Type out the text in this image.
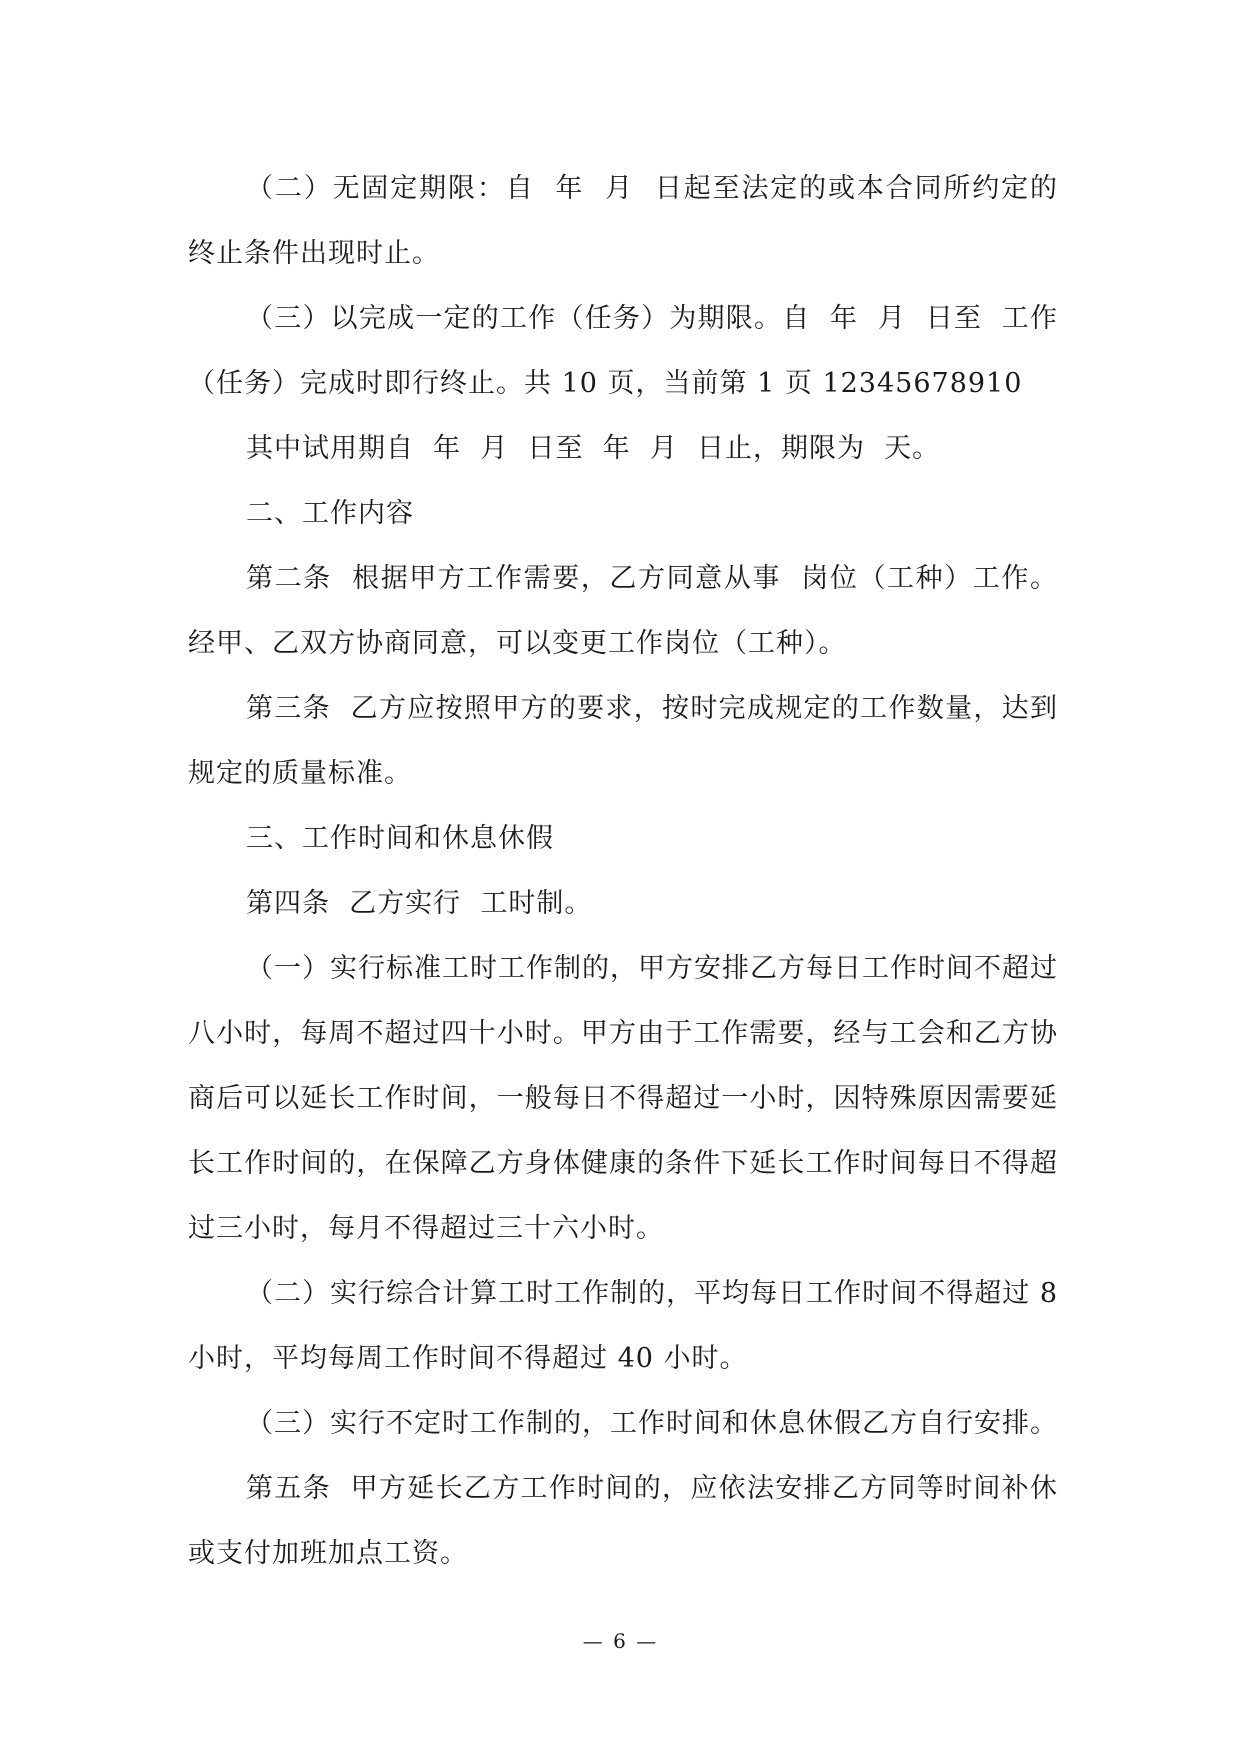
（二）无固定期限：自  年  月  日起至法定的或本合同所约定的终止条件出现时止。

（三）以完成一定的工作（任务）为期限。自  年  月  日至  工作（任务）完成时即行终止。共 10 页，当前第 1 页 12345678910

其中试用期自  年  月  日至  年  月  日止，期限为  天。

二、工作内容

第二条  根据甲方工作需要，乙方同意从事  岗位（工种）工作。经甲、乙双方协商同意，可以变更工作岗位（工种）。

第三条  乙方应按照甲方的要求，按时完成规定的工作数量，达到规定的质量标准。

三、工作时间和休息休假

第四条  乙方实行  工时制。

（一）实行标准工时工作制的，甲方安排乙方每日工作时间不超过八小时，每周不超过四十小时。甲方由于工作需要，经与工会和乙方协商后可以延长工作时间，一般每日不得超过一小时，因特殊原因需要延长工作时间的，在保障乙方身体健康的条件下延长工作时间每日不得超过三小时，每月不得超过三十六小时。

（二）实行综合计算工时工作制的，平均每日工作时间不得超过 8 小时，平均每周工作时间不得超过 40 小时。

（三）实行不定时工作制的，工作时间和休息休假乙方自行安排。

第五条  甲方延长乙方工作时间的，应依法安排乙方同等时间补休或支付加班加点工资。

— 6 —
